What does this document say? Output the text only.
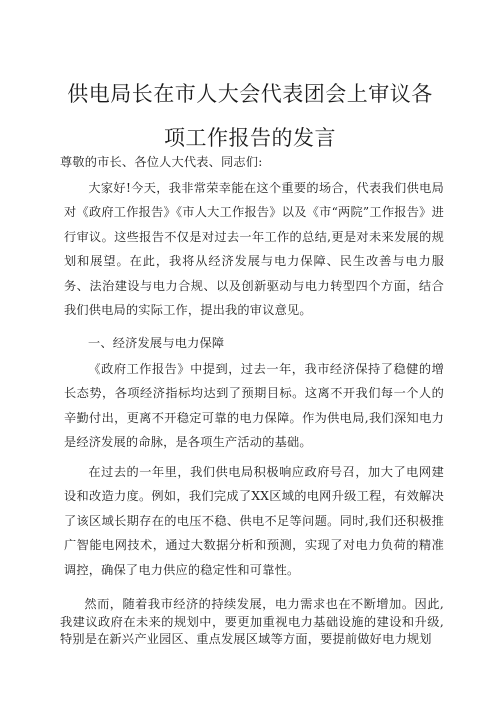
供电局长在市人大会代表团会上审议各
项工作报告的发言

尊敬的市长、各位人大代表、同志们:

大家好!今天，我非常荣幸能在这个重要的场合，代表我们供电局对《政府工作报告》《市人大工作报告》以及《市“两院”工作报告》进行审议。这些报告不仅是对过去一年工作的总结,更是对未来发展的规划和展望。在此，我将从经济发展与电力保障、民生改善与电力服务、法治建设与电力合规、以及创新驱动与电力转型四个方面，结合我们供电局的实际工作，提出我的审议意见。

一、经济发展与电力保障

《政府工作报告》中提到，过去一年，我市经济保持了稳健的增长态势，各项经济指标均达到了预期目标。这离不开我们每一个人的辛勤付出，更离不开稳定可靠的电力保障。作为供电局,我们深知电力是经济发展的命脉，是各项生产活动的基础。

在过去的一年里，我们供电局积极响应政府号召，加大了电网建设和改造力度。例如，我们完成了XX区域的电网升级工程，有效解决了该区域长期存在的电压不稳、供电不足等问题。同时,我们还积极推广智能电网技术，通过大数据分析和预测，实现了对电力负荷的精准调控，确保了电力供应的稳定性和可靠性。

然而，随着我市经济的持续发展，电力需求也在不断增加。因此,我建议政府在未来的规划中，要更加重视电力基础设施的建设和升级,特别是在新兴产业园区、重点发展区域等方面，要提前做好电力规划
